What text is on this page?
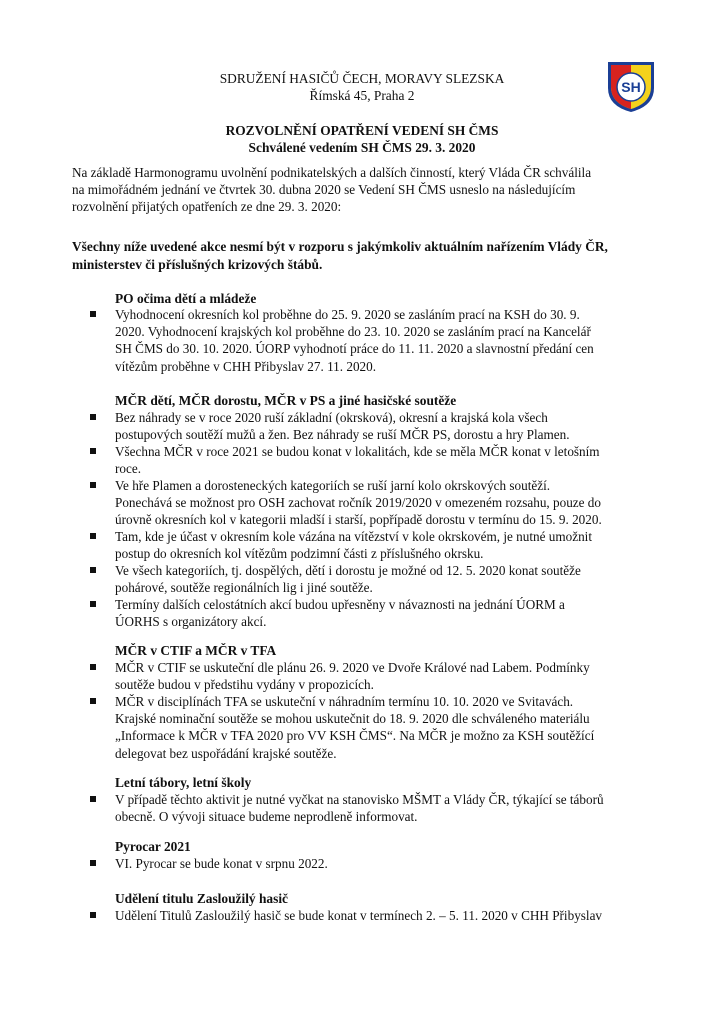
SDRUŽENÍ HASIČŮ ČECH, MORAVY SLEZSKA
Římská 45, Praha 2
SH
ROZVOLNĚNÍ OPATŘENÍ VEDENÍ SH ČMS
Schválené vedením SH ČMS 29. 3. 2020
Na základě Harmonogramu uvolnění podnikatelských a dalších činností, který Vláda ČR schválila
na mimořádném jednání ve čtvrtek 30. dubna 2020 se Vedení SH ČMS usneslo na následujícím
rozvolnění přijatých opatřeních ze dne 29. 3. 2020:
Všechny níže uvedené akce nesmí být v rozporu s jakýmkoliv aktuálním nařízením Vlády ČR,
ministerstev či příslušných krizových štábů.
PO očima dětí a mládeže
Vyhodnocení okresních kol proběhne do 25. 9. 2020 se zasláním prací na KSH do 30. 9.
2020. Vyhodnocení krajských kol proběhne do 23. 10. 2020 se zasláním prací na Kancelář
SH ČMS do 30. 10. 2020. ÚORP vyhodnotí práce do 11. 11. 2020 a slavnostní předání cen
vítězům proběhne v CHH Přibyslav 27. 11. 2020.
MČR dětí, MČR dorostu, MČR v PS a jiné hasičské soutěže
Bez náhrady se v roce 2020 ruší základní (okrsková), okresní a krajská kola všech
postupových soutěží mužů a žen. Bez náhrady se ruší MČR PS, dorostu a hry Plamen.
Všechna MČR v roce 2021 se budou konat v lokalitách, kde se měla MČR konat v letošním
roce.
Ve hře Plamen a dorosteneckých kategoriích se ruší jarní kolo okrskových soutěží.
Ponechává se možnost pro OSH zachovat ročník 2019/2020 v omezeném rozsahu, pouze do
úrovně okresních kol v kategorii mladší i starší, popřípadě dorostu v termínu do 15. 9. 2020.
Tam, kde je účast v okresním kole vázána na vítězství v kole okrskovém, je nutné umožnit
postup do okresních kol vítězům podzimní části z příslušného okrsku.
Ve všech kategoriích, tj. dospělých, dětí i dorostu je možné od 12. 5. 2020 konat soutěže
pohárové, soutěže regionálních lig i jiné soutěže.
Termíny dalších celostátních akcí budou upřesněny v návaznosti na jednání ÚORM a
ÚORHS s organizátory akcí.
MČR v CTIF a MČR v TFA
MČR v CTIF se uskuteční dle plánu 26. 9. 2020 ve Dvoře Králové nad Labem. Podmínky
soutěže budou v předstihu vydány v propozicích.
MČR v disciplínách TFA se uskuteční v náhradním termínu 10. 10. 2020 ve Svitavách.
Krajské nominační soutěže se mohou uskutečnit do 18. 9. 2020 dle schváleného materiálu
„Informace k MČR v TFA 2020 pro VV KSH ČMS“. Na MČR je možno za KSH soutěžící
delegovat bez uspořádání krajské soutěže.
Letní tábory, letní školy
V případě těchto aktivit je nutné vyčkat na stanovisko MŠMT a Vlády ČR, týkající se táborů
obecně. O vývoji situace budeme neprodleně informovat.
Pyrocar 2021
VI. Pyrocar se bude konat v srpnu 2022.
Udělení titulu Zasloužilý hasič
Udělení Titulů Zasloužilý hasič se bude konat v termínech 2. – 5. 11. 2020 v CHH Přibyslav
